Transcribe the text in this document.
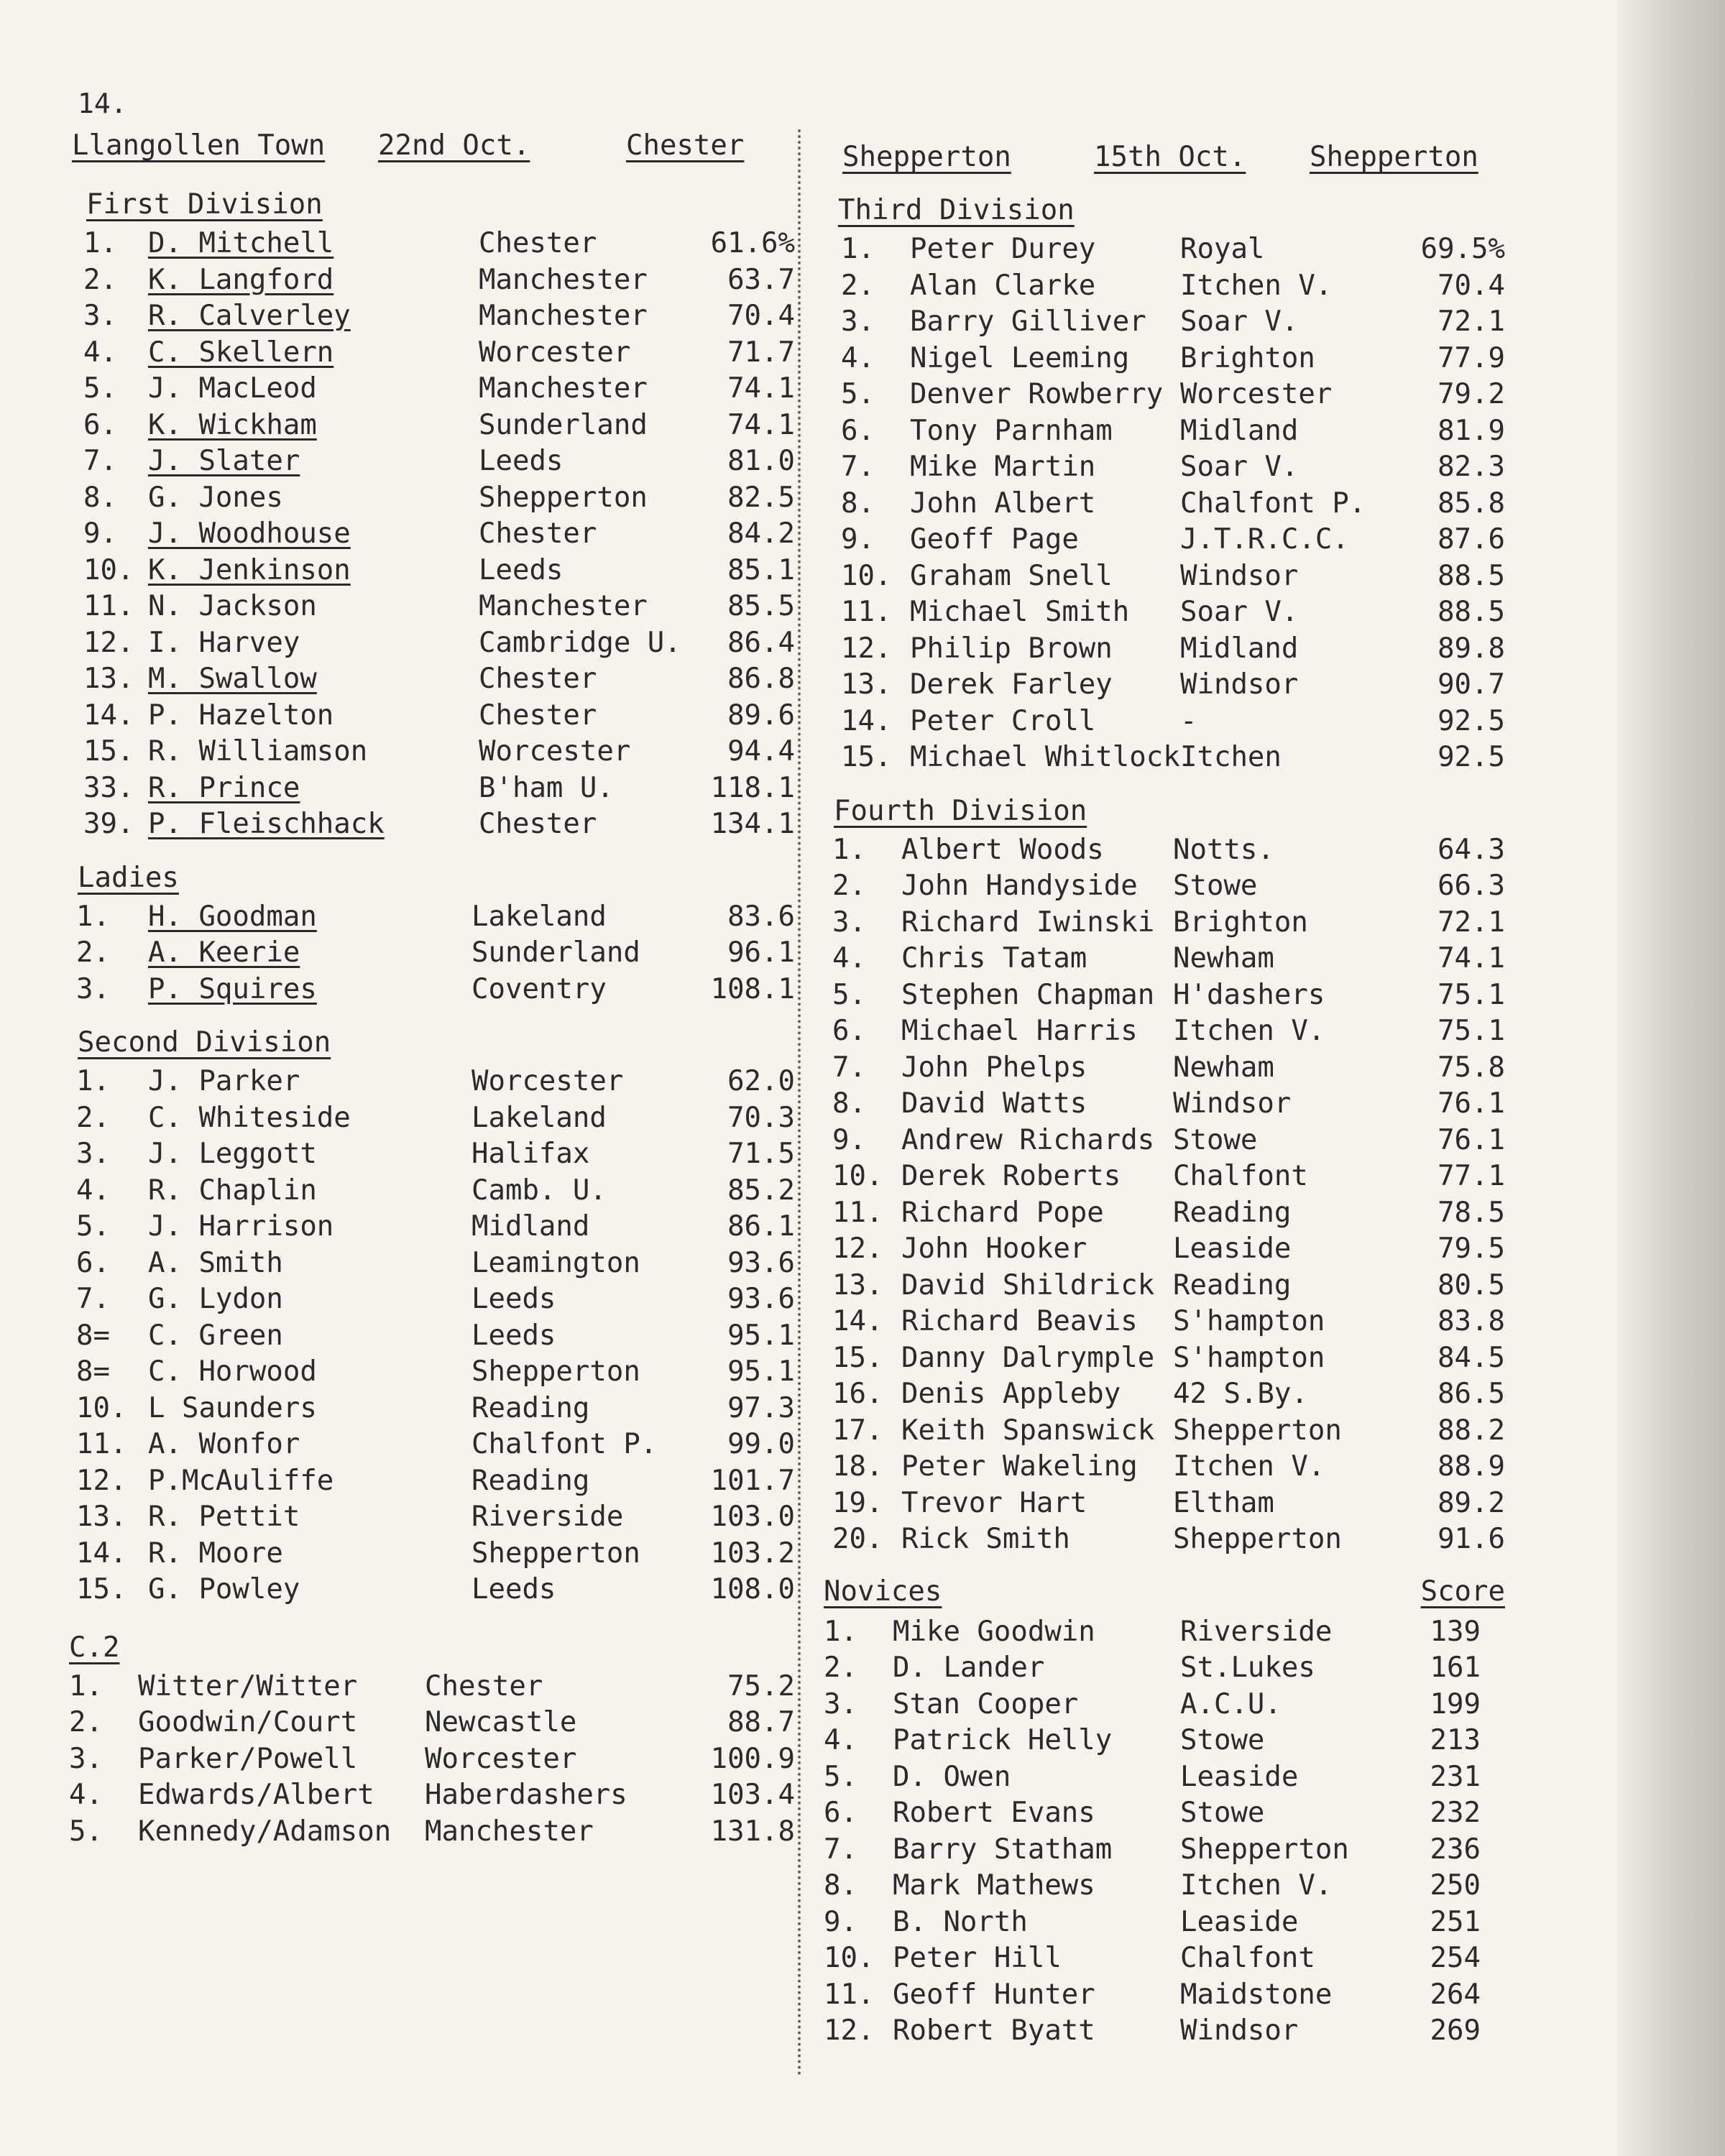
14.
Llangollen Town 22nd Oct.	Chester
First Division
1. D. Mitchell	Chester	61.6%
2. K. Langford	Manchester	63.7
3. R. Calverley	Manchester	70.4
4. C. Skellern	Worcester	71.7
5. J. MacLeod	Manchester	74.1
6. K. Wickham	Sunderland	74.1
7. J. Slater	Leeds	81.0
8. G. Jones	Shepperton	82.5
9. J. Woodhouse	Chester	84.2
10. K. Jenkinson	Leeds	85.1
11. N. Jackson	Manchester	85.5
12. I. Harvey	Cambridge U. 86.4
13. M. Swallow	Chester	86.8
14. P. Hazelton	Chester	89.6
15. R. Williamson	Worcester	94.4
33. R. Prince	B'ham U.	118.1
39. P. Fleischhack	Chester	134.1
Ladies
1. H. Goodman	Lakeland	83.6
2. A. Keerie	Sunderland	96.1
3. P. Squires	Coventry	108.1
Second Division
1. J. Parker	Worcester	62.0
2. C. Whiteside	Lakeland	70.3
3. J. Leggott	Halifax	71.5
4. R. Chaplin	Camb. U.	85.2
5. J. Harrison	Midland	86.1
6. A. Smith	Leamington	93.6
7. G. Lydon	Leeds	93.6
8= C. Green	Leeds	95.1
8= C. Horwood	Shepperton	95.1
10. L Saunders	Reading	97.3
11. A. Wonfor	Chalfont P.	99.0
12. P.McAuliffe	Reading	101.7
13. R. Pettit	Riverside	103.0
14. R. Moore	Shepperton	103.2
15. G. Powley	Leeds	108.0
C.2
1. Witter/Witter Chester	75.2
2. Goodwin/Court Newcastle	88.7
3. Parker/Powell Worcester	100.9
4. Edwards/Albert Haberdashers	103.4
5. Kennedy/Adamson Manchester	131.8
Shepperton	15th Oct. Shepperton
Third Division
1. Peter Durey	Royal	69.5%
2. Alan Clarke	Itchen V.	70.4
3. Barry Gilliver Soar V.	72.1
4. Nigel Leeming Brighton	77.9
5. Denver Rowberry Worcester	79.2
6. Tony Parnham Midland	81.9
7. Mike Martin	Soar V.	82.3
8. John Albert	Chalfont P.	85.8
9. Geoff Page	J.T.R.C.C.	87.6
10. Graham Snell Windsor	88.5
11. Michael Smith Soar V.	88.5
12. Philip Brown Midland	89.8
13. Derek Farley Windsor	90.7
14. Peter Croll	-	92.5
15. Michael Whitlock Itchen	92.5
Fourth Division
1. Albert Woods Notts.	64.3
2. John Handyside Stowe	66.3
3. Richard Iwinski Brighton	72.1
4. Chris Tatam	Newham	74.1
5. Stephen Chapman H'dashers	75.1
6. Michael Harris Itchen V.	75.1
7. John Phelps	Newham	75.8
8. David Watts	Windsor	76.1
9. Andrew Richards Stowe	76.1
10. Derek Roberts Chalfont	77.1
11. Richard Pope Reading	78.5
12. John Hooker	Leaside	79.5
13. David Shildrick Reading	80.5
14. Richard Beavis S'hampton	83.8
15. Danny Dalrymple S'hampton	84.5
16. Denis Appleby 42 S.By.	86.5
17. Keith Spanswick Shepperton	88.2
18. Peter Wakeling Itchen V.	88.9
19. Trevor Hart	Eltham	89.2
20. Rick Smith	Shepperton	91.6
Novices	Score
1. Mike Goodwin	Riverside	139
2. D. Lander	St.Lukes	161
3. Stan Cooper	A.C.U.	199
4. Patrick Helly Stowe	213
5. D. Owen	Leaside	231
6. Robert Evans	Stowe	232
7. Barry Statham Shepperton	236
8. Mark Mathews	Itchen V.	250
9. B. North	Leaside	251
10. Peter Hill	Chalfont	254
11. Geoff Hunter	Maidstone	264
12. Robert Byatt	Windsor	269
